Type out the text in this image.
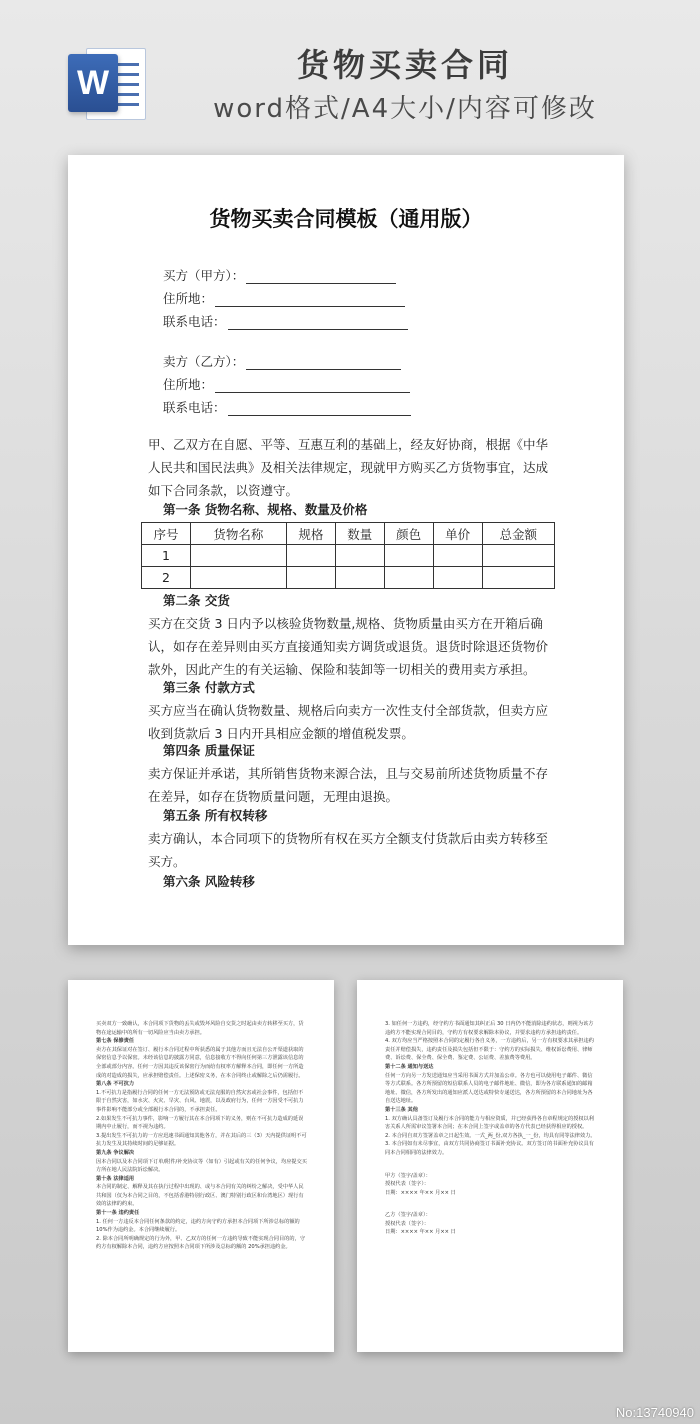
W	货物买卖合同
word格式/A4大小/内容可修改
货物买卖合同模板（通用版）
买方（甲方）：
住所地：
联系电话：
卖方（乙方）：
住所地：
联系电话：
甲、乙双方在自愿、平等、互惠互利的基础上，经友好协商，根据《中华人民共和国民法典》及相关法律规定，现就甲方购买乙方货物事宜，达成如下合同条款，以资遵守。
第一条 货物名称、规格、数量及价格
序号	货物名称	规格	数量	颜色	单价	总金额
1						
2						
第二条 交货
买方在交货 3 日内予以核验货物数量,规格、货物质量由买方在开箱后确认，如存在差异则由买方直接通知卖方调货或退货。退货时除退还货物价款外，因此产生的有关运输、保险和装卸等一切相关的费用卖方承担。
第三条 付款方式
买方应当在确认货物数量、规格后向卖方一次性支付全部货款，但卖方应收到货款后 3 日内开具相应金额的增值税发票。
第四条 质量保证
卖方保证并承诺，其所销售货物来源合法，且与交易前所述货物质量不存在差异，如存在货物质量问题，无理由退换。
第五条 所有权转移
卖方确认，本合同项下的货物所有权在买方全额支付货款后由卖方转移至买方。
第六条 风险转移
买卖双方一致确认，本合同项下货物的丢失或毁坏风险自交货之时起由卖方转移至买方，货物在途运输中的所有一切风险应当由卖方承担。
第七条 保修责任
卖方在其保证对在签订、履行本合同过程中所获悉的属于其他方而且无法自公开渠道获取的保密信息予以保密。未经该信息的披露方同意，信息接收方不得向任何第三方泄露该信息的全部或部分内容。任何一方因其违反该保密行为而给有权率方解释本合同，即任何一方所造成的对造成的损失，应承担赔偿责任。上述保密义务，在本合同终止或解除之后仍需履行。
第八条 不可抗力
1.不可抗力是指履行合同的任何一方无法预防或无法克服的自然灾害或社会事件，包括但不限于自然灾害，如水灾、火灾、旱灾、台风、地震，以及政府行为，任何一方因受不可抗力事件影响不能部分或全部履行本合同的，不承担责任。
2.如果发生不可抗力事件，影响一方履行其在本合同项下的义务，则在不可抗力造成的延误期内中止履行，而不视为违约。
3.提出发生不可抗力的一方应迅速书面通知其他各方，并在其后的三（3）天内提供证明不可抗力发生及其持续时间的足够证据。
第九条 争议解决
因本合同以及本合同项下订单/附件/补充协议等（如有）引起或有关的任何争议，均应提交买方所在地人民法院诉讼解决。
第十条 法律适用
本合同的制定、解释及其在执行过程中出现的、或与本合同有关的纠纷之解决，受中华人民共和国（仅为本合同之目的，不包括香港特别行政区、澳门特别行政区和台湾地区）现行有效的法律的约束。
第十一条 违约责任
1. 任何一方违反本合同任何条款的约定，违约方向守约方承担本合同项下所涉总标的额的 10%作为违约金。本合同继续履行。
2. 除本合同所明确规定的行为外，甲、乙双方的任何一方违约导致不能实现合同目的的，守约方有权解除本合同，违约方应按照本合同项下所涉及总标的额的 20%承担违约金。
3. 如任何一方违约，经守约方书面通知其纠正后 30 日内仍不能消除违约状态，则视为该方违约方不能实现合同目的，守约方有权要求解除本协议，并要求违约方承担违约责任。
4. 双方均应当严格按照本合同的定履行各自义务，一方违约后，另一方有权要求其承担违约责任并赔偿损失，违约责任及损失包括但不限于：守约方的实际损失、维权诉讼费用、律师费、诉讼费、保全费、保全费、鉴定费、公证费、差旅费等费用。
第十二条 通知与送达
任何一方向另一方发送通知应当采用书面方式并加盖公章。各方也可以使用电子邮件、微信等方式联系。各方所预留的短信联系人员的电子邮件地址、微信，即为各方联系通知的邮箱地址、微信，各方所发出的通知应派人送达或特快专递送达，各方所预留的本合同地址为各自送达地址。
第十三条 其他
1. 双方确认具备签订及履行本合同的能力与相应资质，并已经获得各自章程规定的授权以利害关系人所需审议签署本合同；在本合同上签字或盖章的各方代表已经获得相应的授权。
2. 本合同自双方签署盖章之日起生效。一式_两_份,双方各执_一_份，均具有同等法律效力。
3. 本合同如有未尽事宜，由双方共同协商签订书面补充协议。双方签订的书面补充协议具有同本合同相同的法律效力。
甲方（签字/盖章）：
授权代表（签字）：
日期：×××× 年×× 月×× 日
乙方（签字/盖章）：
授权代表（签字）：
日期：×××× 年×× 月×× 日
No:13740940
